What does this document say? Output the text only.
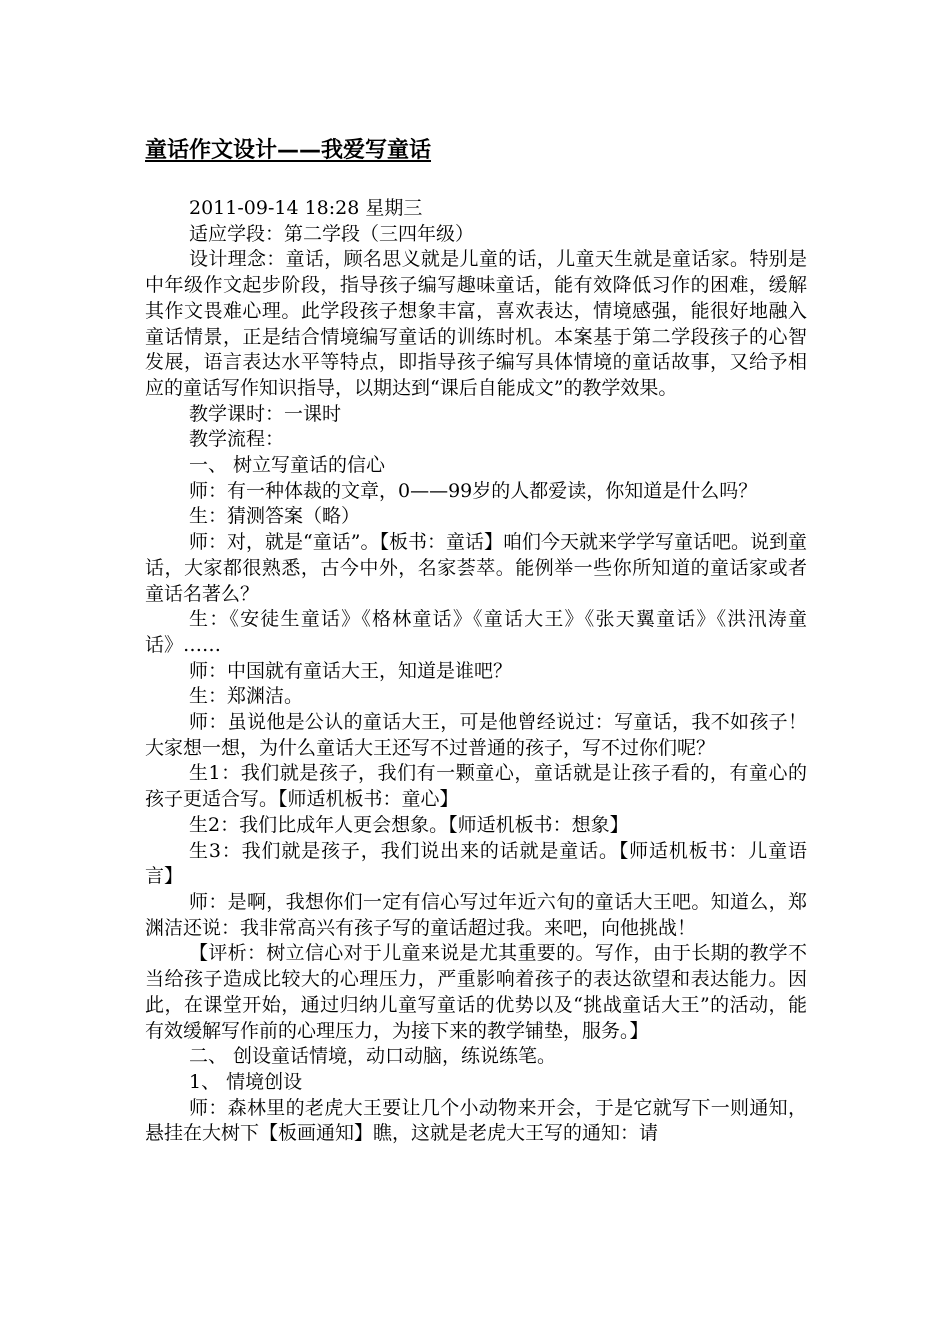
童话作文设计——我爱写童话

2011-09-14 18:28 星期三

适应学段：第二学段（三四年级）

设计理念：童话，顾名思义就是儿童的话，儿童天生就是童话家。特别是中年级作文起步阶段，指导孩子编写趣味童话，能有效降低习作的困难，缓解其作文畏难心理。此学段孩子想象丰富，喜欢表达，情境感强，能很好地融入童话情景，正是结合情境编写童话的训练时机。本案基于第二学段孩子的心智发展，语言表达水平等特点，即指导孩子编写具体情境的童话故事，又给予相应的童话写作知识指导，以期达到“课后自能成文”的教学效果。

教学课时：一课时

教学流程：

一、 树立写童话的信心

师：有一种体裁的文章，0——99岁的人都爱读，你知道是什么吗？

生：猜测答案（略）

师：对，就是“童话”。【板书：童话】咱们今天就来学学写童话吧。说到童话，大家都很熟悉，古今中外，名家荟萃。能例举一些你所知道的童话家或者童话名著么？

生：《安徒生童话》《格林童话》《童话大王》《张天翼童话》《洪汛涛童话》……

师：中国就有童话大王，知道是谁吧？

生：郑渊洁。

师：虽说他是公认的童话大王，可是他曾经说过：写童话，我不如孩子！大家想一想，为什么童话大王还写不过普通的孩子，写不过你们呢？

生1：我们就是孩子，我们有一颗童心，童话就是让孩子看的，有童心的孩子更适合写。【师适机板书：童心】

生2：我们比成年人更会想象。【师适机板书：想象】

生3：我们就是孩子，我们说出来的话就是童话。【师适机板书：儿童语言】

师：是啊，我想你们一定有信心写过年近六旬的童话大王吧。知道么，郑渊洁还说：我非常高兴有孩子写的童话超过我。来吧，向他挑战！

【评析：树立信心对于儿童来说是尤其重要的。写作，由于长期的教学不当给孩子造成比较大的心理压力，严重影响着孩子的表达欲望和表达能力。因此，在课堂开始，通过归纳儿童写童话的优势以及“挑战童话大王”的活动，能有效缓解写作前的心理压力，为接下来的教学铺垫，服务。】

二、 创设童话情境，动口动脑，练说练笔。

1、 情境创设

师：森林里的老虎大王要让几个小动物来开会，于是它就写下一则通知，悬挂在大树下【板画通知】瞧，这就是老虎大王写的通知：请
